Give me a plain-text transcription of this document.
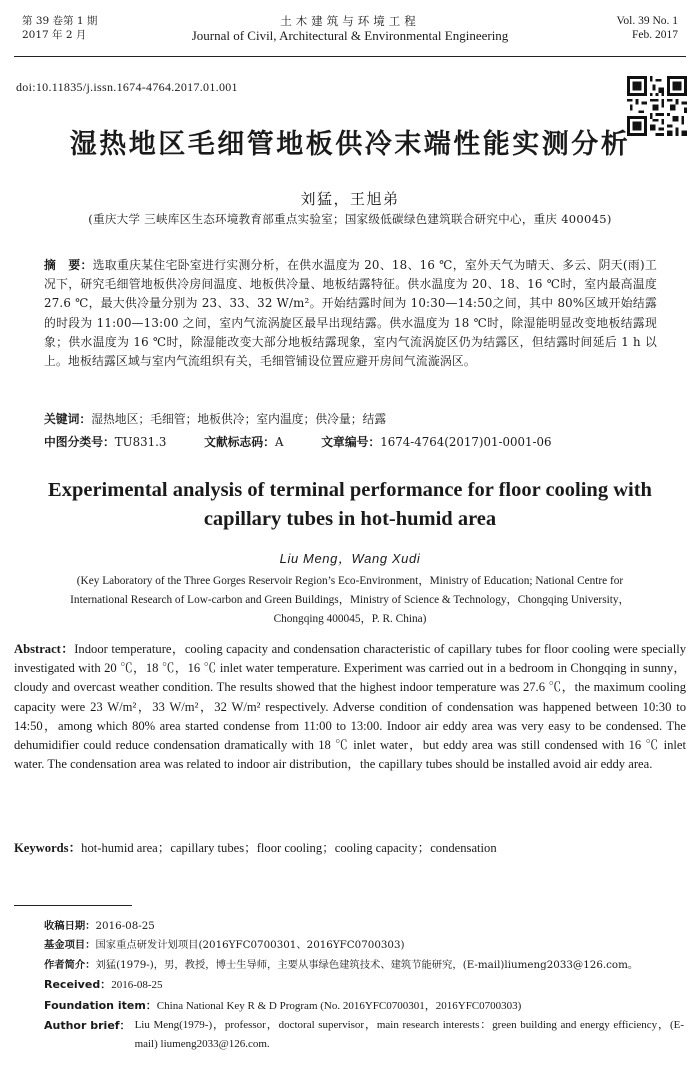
第 39 卷第 1 期
2017 年 2 月
土木建筑与环境工程
Journal of Civil, Architectural & Environmental Engineering
Vol. 39 No. 1
Feb. 2017
doi:10.11835/j.issn.1674-4764.2017.01.001
湿热地区毛细管地板供冷末端性能实测分析
刘猛，王旭弟
(重庆大学 三峡库区生态环境教育部重点实验室；国家级低碳绿色建筑联合研究中心，重庆 400045)
摘　要：选取重庆某住宅卧室进行实测分析，在供水温度为 20、18、16 ℃，室外天气为晴天、多云、阴天(雨)工况下，研究毛细管地板供冷房间温度、地板供冷量、地板结露特征。供水温度为 20、18、16 ℃时，室内最高温度 27.6 ℃，最大供冷量分别为 23、33、32 W/m²。开始结露时间为 10:30—14:50之间，其中 80%区域开始结露的时段为 11:00—13:00 之间，室内气流涡旋区最早出现结露。供水温度为 18 ℃时，除湿能明显改变地板结露现象；供水温度为 16 ℃时，除湿能改变大部分地板结露现象，室内气流涡旋区仍为结露区，但结露时间延后 1 h 以上。地板结露区域与室内气流组织有关，毛细管铺设位置应避开房间气流漩涡区。
关键词：湿热地区；毛细管；地板供冷；室内温度；供冷量；结露
中图分类号：TU831.3	文献标志码：A	文章编号：1674-4764(2017)01-0001-06
Experimental analysis of terminal performance for floor cooling with capillary tubes in hot-humid area
Liu Meng，Wang Xudi
(Key Laboratory of the Three Gorges Reservoir Region’s Eco-Environment，Ministry of Education; National Centre for International Research of Low-carbon and Green Buildings，Ministry of Science & Technology，Chongqing University，Chongqing 400045，P. R. China)
Abstract：Indoor temperature，cooling capacity and condensation characteristic of capillary tubes for floor cooling were specially investigated with 20 ℃，18 ℃，16 ℃ inlet water temperature. Experiment was carried out in a bedroom in Chongqing in sunny，cloudy and overcast weather condition. The results showed that the highest indoor temperature was 27.6 ℃，the maximum cooling capacity were 23 W/m²，33 W/m²，32 W/m² respectively. Adverse condition of condensation was happened between 10:30 to 14:50，among which 80% area started condense from 11:00 to 13:00. Indoor air eddy area was very easy to be condensed. The dehumidifier could reduce condensation dramatically with 18 ℃ inlet water，but eddy area was still condensed with 16 ℃ inlet water. The condensation area was related to indoor air distribution，the capillary tubes should be installed avoid air eddy area.
Keywords：hot-humid area；capillary tubes；floor cooling；cooling capacity；condensation

收稿日期：2016-08-25

基金项目：国家重点研发计划项目(2016YFC0700301、2016YFC0700303)

作者简介：刘猛(1979-)，男，教授，博士生导师，主要从事绿色建筑技术、建筑节能研究，(E-mail)liumeng2033@126.com。

Received：2016-08-25

Foundation item：China National Key R & D Program (No. 2016YFC0700301，2016YFC0700303)

Author brief： Liu Meng(1979-)，professor，doctoral supervisor，main research interests：green building and energy efficiency，(E-mail) liumeng2033@126.com.
